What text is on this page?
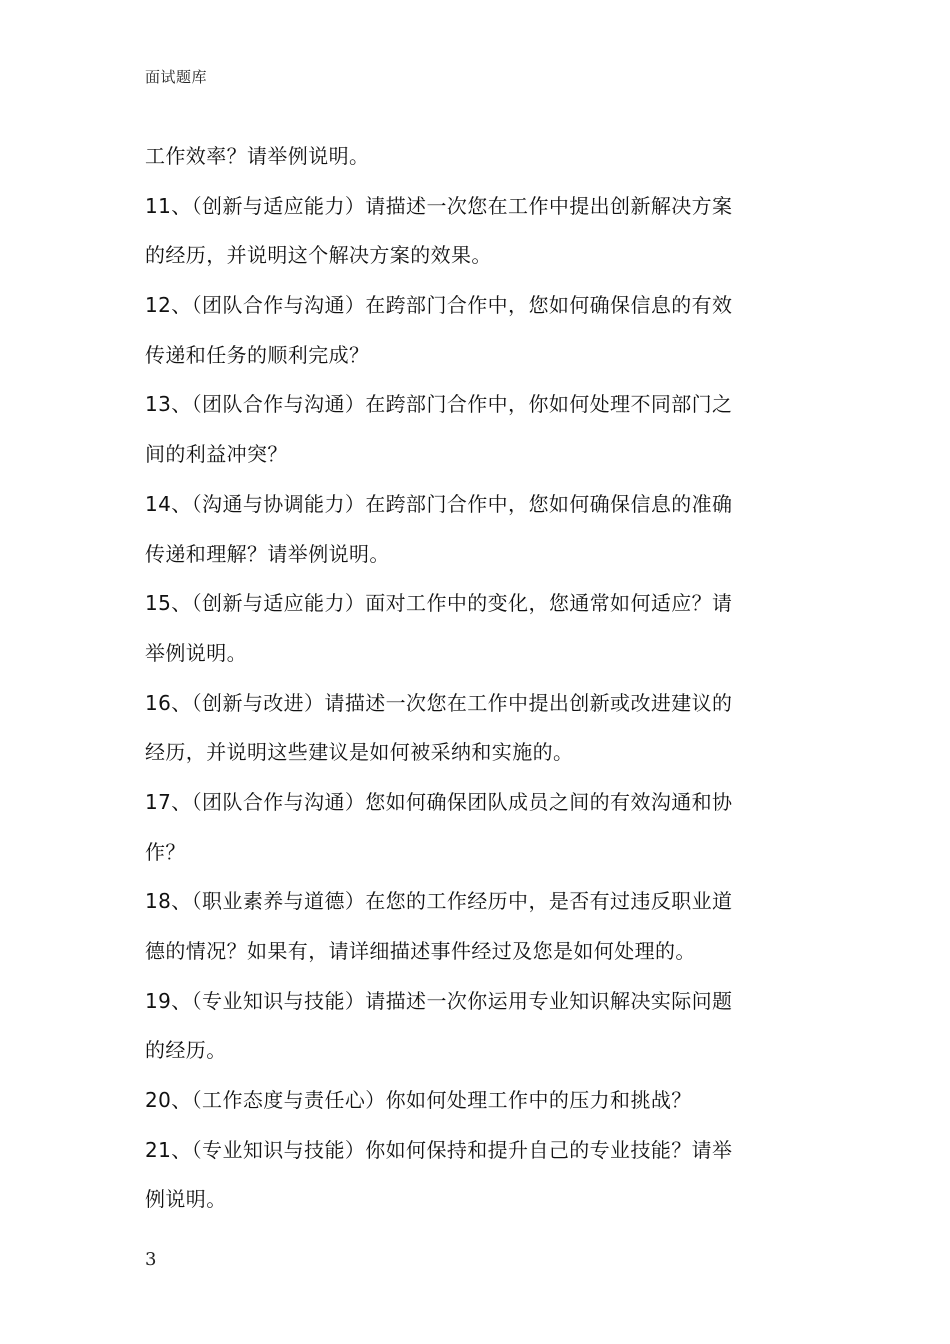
面试题库
工作效率？请举例说明。
11、（创新与适应能力）请描述一次您在工作中提出创新解决方案
的经历，并说明这个解决方案的效果。
12、（团队合作与沟通）在跨部门合作中，您如何确保信息的有效
传递和任务的顺利完成？
13、（团队合作与沟通）在跨部门合作中，你如何处理不同部门之
间的利益冲突？
14、（沟通与协调能力）在跨部门合作中，您如何确保信息的准确
传递和理解？请举例说明。
15、（创新与适应能力）面对工作中的变化，您通常如何适应？请
举例说明。
16、（创新与改进）请描述一次您在工作中提出创新或改进建议的
经历，并说明这些建议是如何被采纳和实施的。
17、（团队合作与沟通）您如何确保团队成员之间的有效沟通和协
作？
18、（职业素养与道德）在您的工作经历中，是否有过违反职业道
德的情况？如果有，请详细描述事件经过及您是如何处理的。
19、（专业知识与技能）请描述一次你运用专业知识解决实际问题
的经历。
20、（工作态度与责任心）你如何处理工作中的压力和挑战？
21、（专业知识与技能）你如何保持和提升自己的专业技能？请举
例说明。
3
